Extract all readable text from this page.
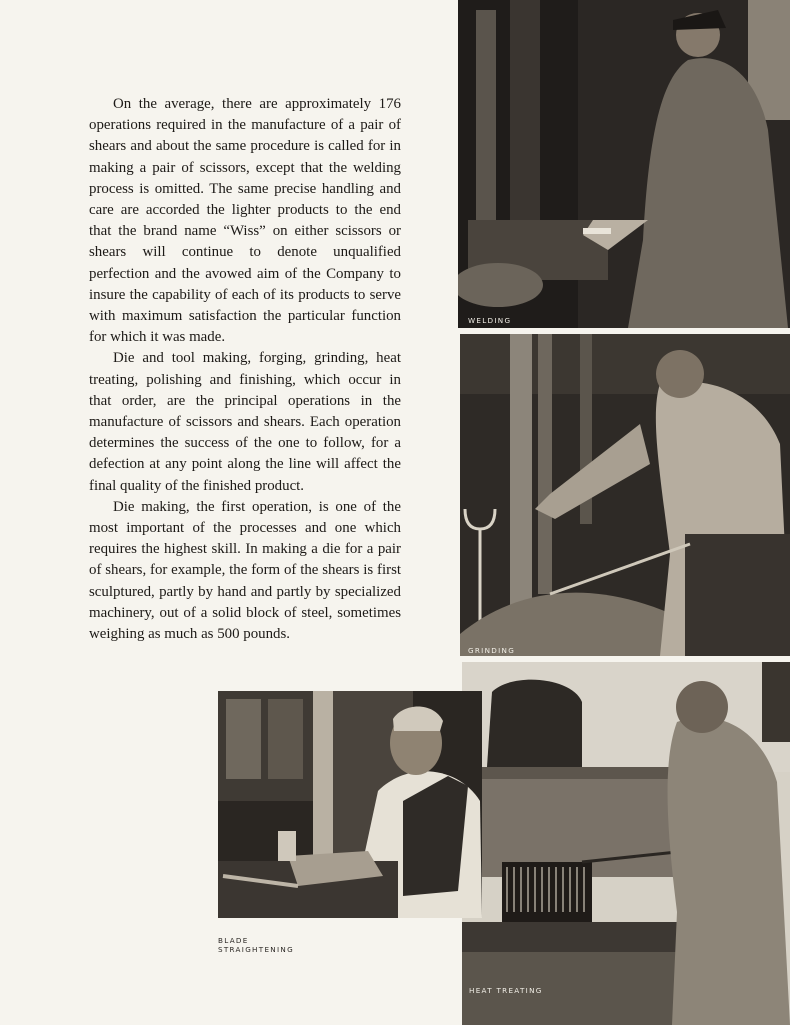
On the average, there are approximately 176 operations required in the manufacture of a pair of shears and about the same procedure is called for in making a pair of scissors, except that the welding process is omitted. The same precise handling and care are accorded the lighter products to the end that the brand name “Wiss” on either scissors or shears will continue to denote unqualified perfection and the avowed aim of the Company to insure the capability of each of its products to serve with maximum satisfaction the particular function for which it was made.

Die and tool making, forging, grinding, heat treating, polishing and finishing, which occur in that order, are the principal operations in the manufacture of scissors and shears. Each operation determines the success of the one to follow, for a defection at any point along the line will affect the final quality of the finished product.

Die making, the first operation, is one of the most important of the processes and one which requires the highest skill. In making a die for a pair of shears, for example, the form of the shears is first sculptured, partly by hand and partly by specialized machinery, out of a solid block of steel, sometimes weighing as much as 500 pounds.

WELDING
GRINDING
HEAT TREATING
BLADE
STRAIGHTENING
